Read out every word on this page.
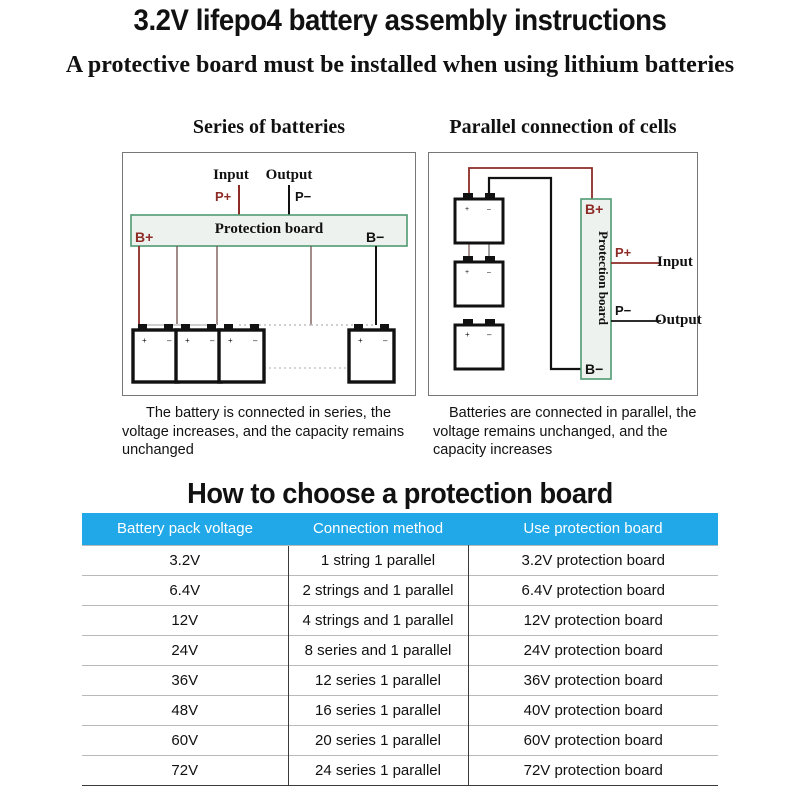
3.2V lifepo4 battery assembly instructions
A protective board must be installed when using lithium batteries
Series of batteries	Parallel connection of cells
+	– +	– +	–	+	–
Input	Output
P+	P−
Protection board
B+	B−
+	–
+	–
+ –
B+
B−
Protection board P+
P−
Input
Output
The battery is connected in series, the voltage increases, and the capacity remains unchanged
Batteries are connected in parallel, the voltage remains unchanged, and the capacity increases
How to choose a protection board
Battery pack voltage	Connection method	Use protection board
3.2V	1 string 1 parallel	3.2V protection board
6.4V	2 strings and 1 parallel	6.4V protection board
12V	4 strings and 1 parallel	12V protection board
24V	8 series and 1 parallel	24V protection board
36V	12 series 1 parallel	36V protection board
48V	16 series 1 parallel	40V protection board
60V	20 series 1 parallel	60V protection board
72V	24 series 1 parallel	72V protection board
